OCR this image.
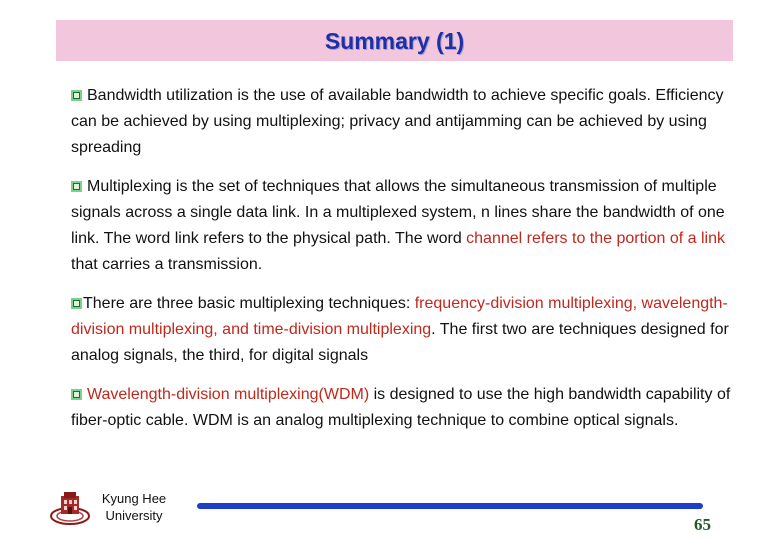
Summary (1)

Bandwidth utilization is the use of available bandwidth to achieve specific goals. Efficiency can be achieved by using multiplexing; privacy and antijamming can be achieved by using spreading

Multiplexing is the set of techniques that allows the simultaneous transmission of multiple signals across a single data link. In a multiplexed system, n lines share the bandwidth of one link. The word link refers to the physical path. The word channel refers to the portion of a link that carries a transmission.

There are three basic multiplexing techniques: frequency-division multiplexing, wavelength-division multiplexing, and time-division multiplexing. The first two are techniques designed for analog signals, the third, for digital signals

Wavelength-division multiplexing(WDM) is designed to use the high bandwidth capability of fiber-optic cable. WDM is an analog multiplexing technique to combine optical signals.

Kyung Hee
University	65
